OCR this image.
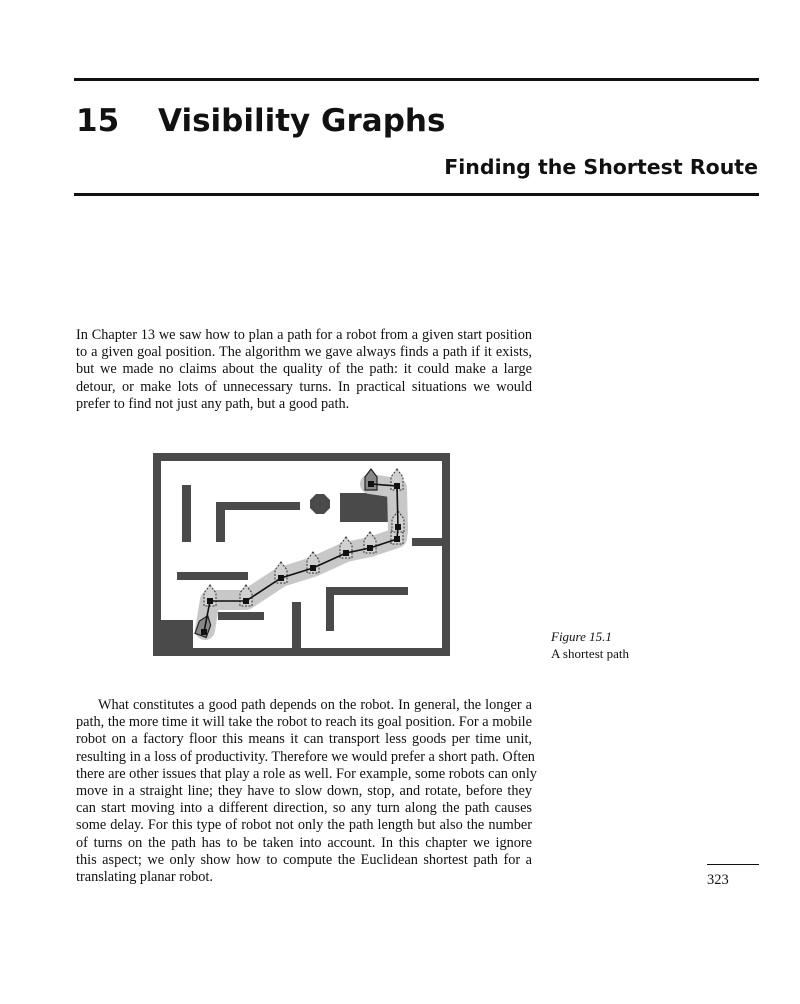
15 Visibility Graphs
Finding the Shortest Route
In Chapter 13 we saw how to plan a path for a robot from a given start position
to a given goal position. The algorithm we gave always finds a path if it exists,
but we made no claims about the quality of the path: it could make a large
detour, or make lots of unnecessary turns. In practical situations we would
prefer to find not just any path, but a good path.
Figure 15.1
A shortest path
What constitutes a good path depends on the robot. In general, the longer a
path, the more time it will take the robot to reach its goal position. For a mobile
robot on a factory floor this means it can transport less goods per time unit,
resulting in a loss of productivity. Therefore we would prefer a short path. Often
there are other issues that play a role as well. For example, some robots can only
move in a straight line; they have to slow down, stop, and rotate, before they
can start moving into a different direction, so any turn along the path causes
some delay. For this type of robot not only the path length but also the number
of turns on the path has to be taken into account. In this chapter we ignore
this aspect; we only show how to compute the Euclidean shortest path for a
translating planar robot.	323
